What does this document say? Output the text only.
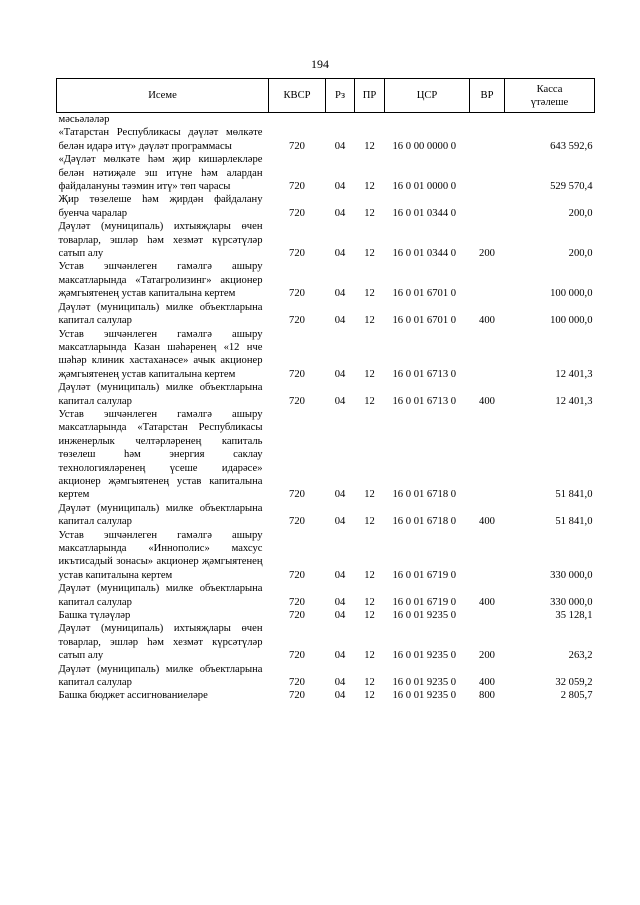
194
Исеме	КВСР	Рз	ПР	ЦСР	ВР	Касса
үтәлеше

мәсьәләләр						
«Татарстан Республикасы дәүләт мөлкәте белән идарә итү» дәүләт программасы	720	04	12	16 0 00 0000 0		643 592,6
«Дәүләт мөлкәте һәм җир кишәрлекләре белән нәтиҗәле эш итүне һәм алардан файдалануны тәэмин итү» төп чарасы	720	04	12	16 0 01 0000 0		529 570,4
Җир төзелеше һәм җирдән файдалану буенча чаралар	720	04	12	16 0 01 0344 0		200,0
Дәүләт (муниципаль) ихтыяҗлары өчен товарлар, эшләр һәм хезмәт күрсәтүләр сатып алу	720	04	12	16 0 01 0344 0	200	200,0
Устав эшчәнлеген гамәлгә ашыру максатларында «Татагролизинг» акционер җәмгыятенең устав капиталына кертем	720	04	12	16 0 01 6701 0		100 000,0
Дәүләт (муниципаль) милке объектларына капитал салулар	720	04	12	16 0 01 6701 0	400	100 000,0
Устав эшчәнлеген гамәлгә ашыру максатларында Казан шәһәренең «12 нче шәһәр клиник хастаханәсе» ачык акционер җәмгыятенең устав капиталына кертем	720	04	12	16 0 01 6713 0		12 401,3
Дәүләт (муниципаль) милке объектларына капитал салулар	720	04	12	16 0 01 6713 0	400	12 401,3
Устав эшчәнлеген гамәлгә ашыру максатларында «Татарстан Республикасы инженерлык челтәрләренең капиталь төзелеш һәм энергия саклау технологияләренең үсеше идарәсе» акционер җәмгыятенең устав капиталына кертем	720	04	12	16 0 01 6718 0		51 841,0
Дәүләт (муниципаль) милке объектларына капитал салулар	720	04	12	16 0 01 6718 0	400	51 841,0
Устав эшчәнлеген гамәлгә ашыру максатларында «Иннополис» махсус икътисадый зонасы» акционер җәмгыятенең устав капиталына кертем	720	04	12	16 0 01 6719 0		330 000,0
Дәүләт (муниципаль) милке объектларына капитал салулар	720	04	12	16 0 01 6719 0	400	330 000,0
Башка түләүләр	720	04	12	16 0 01 9235 0		35 128,1
Дәүләт (муниципаль) ихтыяҗлары өчен товарлар, эшләр һәм хезмәт күрсәтүләр сатып алу	720	04	12	16 0 01 9235 0	200	263,2
Дәүләт (муниципаль) милке объектларына капитал салулар	720	04	12	16 0 01 9235 0	400	32 059,2
Башка бюджет ассигнованиеләре	720	04	12	16 0 01 9235 0	800	2 805,7
